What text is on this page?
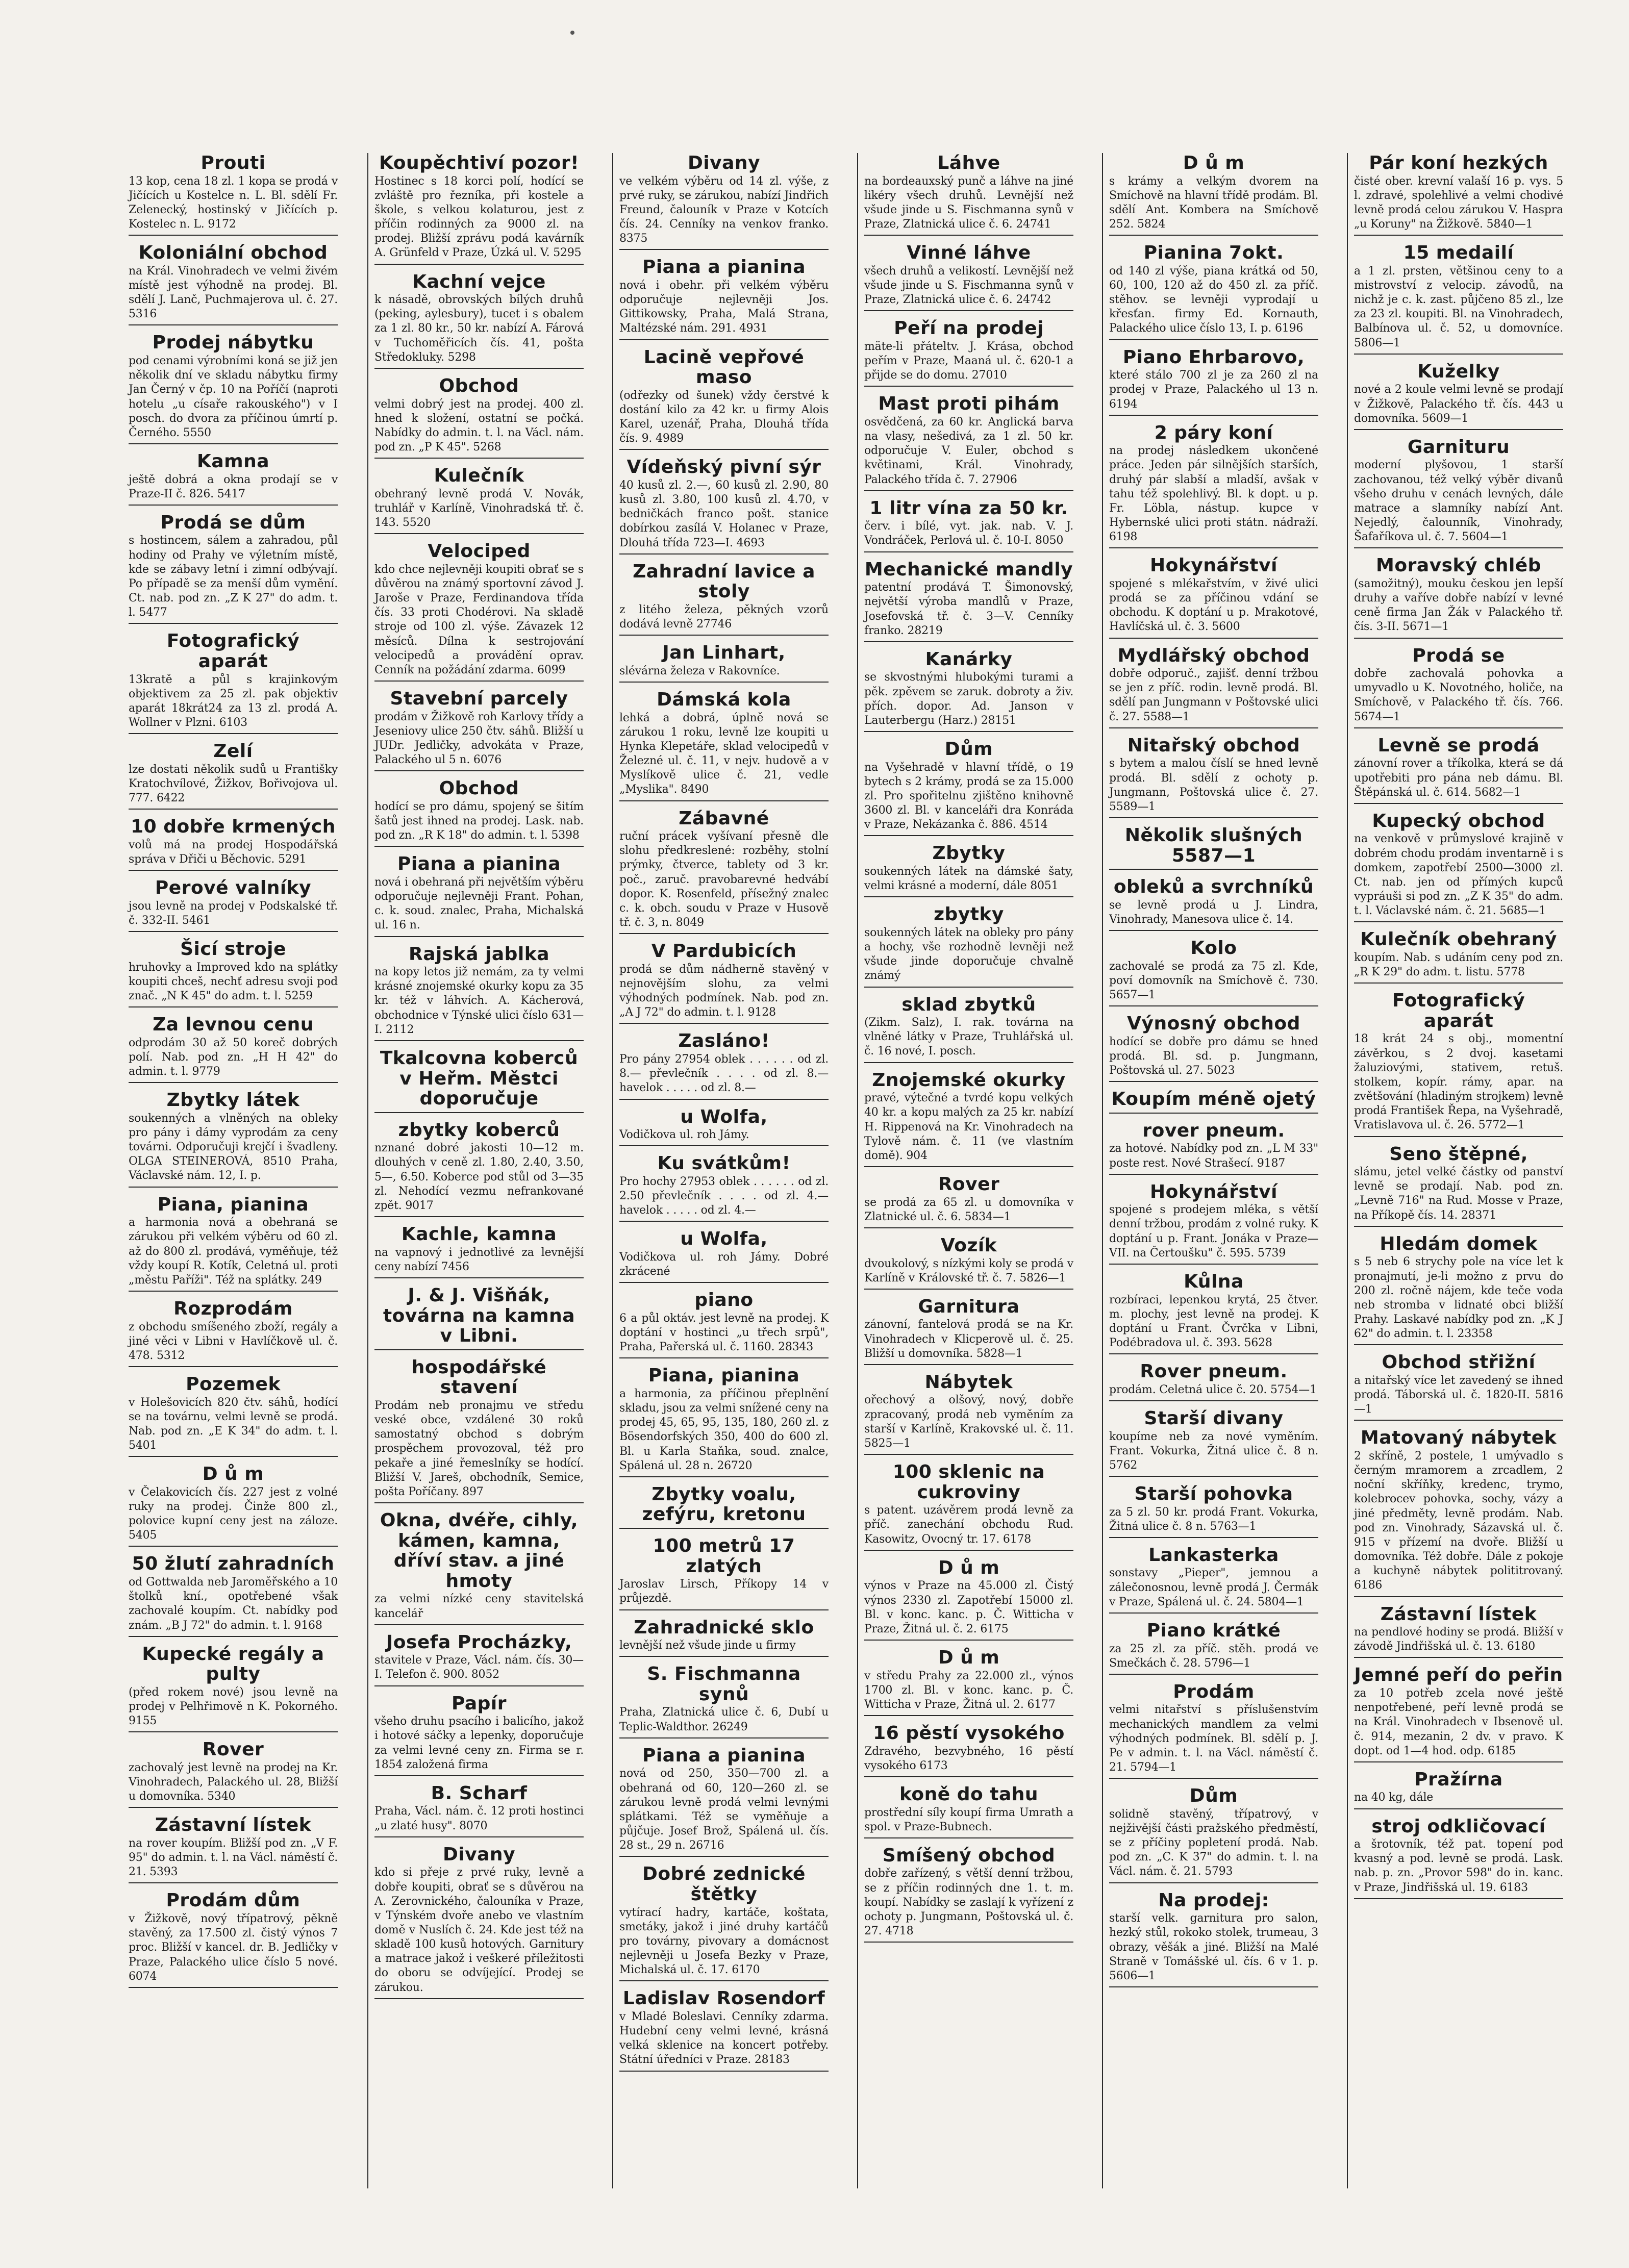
Prouti
13 kop, cena 18 zl. 1 kopa se prodá v Jičících u Kostelce n. L. Bl. sdělí Fr. Zelenecký, hostinský v Jičících p. Kostelec n. L. 9172
Koloniální obchod
na Král. Vinohradech ve velmi živém místě jest výhodně na prodej. Bl. sdělí J. Lanč, Puchmajerova ul. č. 27. 5316
Prodej nábytku
pod cenami výrobními koná se již jen několik dní ve skladu nábytku firmy Jan Černý v čp. 10 na Poříčí (naproti hotelu „u císaře rakouského") v I posch. do dvora za příčinou úmrtí p. Černého. 5550
Kamna
ještě dobrá a okna prodají se v Praze-II č. 826. 5417
Prodá se dům
s hostincem, sálem a zahradou, půl hodiny od Prahy ve výletním místě, kde se zábavy letní i zimní odbývají. Po případě se za menší dům vymění. Ct. nab. pod zn. „Z K 27" do adm. t. l. 5477
Fotografický aparát
13kratě a půl s krajinkovým objektivem za 25 zl. pak objektiv aparát 18krát24 za 13 zl. prodá A. Wollner v Plzni. 6103
Zelí
lze dostati několik sudů u Františky Kratochvílové, Žižkov, Bořivojova ul. 777. 6422
10 dobře krmených
volů má na prodej Hospodářská správa v Dřiči u Běchovic. 5291
Perové valníky
jsou levně na prodej v Podskalské tř. č. 332-II. 5461
Šicí stroje
hruhovky a Improved kdo na splátky koupiti chceš, nechť adresu svoji pod znač. „N K 45" do adm. t. l. 5259
Za levnou cenu
odprodám 30 až 50 koreč dobrých polí. Nab. pod zn. „H H 42" do admin. t. l. 9779
Zbytky látek
soukenných a vlněných na obleky pro pány i dámy vyprodám za ceny továrni. Odporučuji krejčí i švadleny. OLGA STEINEROVÁ, 8510 Praha, Václavské nám. 12, I. p.
Piana, pianina
a harmonia nová a obehraná se zárukou při velkém výběru od 60 zl. až do 800 zl. prodává, vyměňuje, též vždy koupí R. Kotík, Celetná ul. proti „městu Paříži". Též na splátky. 249
Rozprodám
z obchodu smíšeného zboží, regály a jiné věci v Libni v Havlíčkově ul. č. 478. 5312
Pozemek
v Holešovicích 820 čtv. sáhů, hodící se na továrnu, velmi levně se prodá. Nab. pod zn. „E K 34" do adm. t. l. 5401
D ů m
v Čelakovicích čís. 227 jest z volné ruky na prodej. Činže 800 zl., polovice kupní ceny jest na záloze. 5405
50 žlutí zahradních
od Gottwalda neb Jaroměřského a 10 štolků kní., opotřebené však zachovalé koupím. Ct. nabídky pod znám. „B J 72" do admin. t. l. 9168
Kupecké regály a pulty
(před rokem nové) jsou levně na prodej v Pelhřimově n K. Pokorného. 9155
Rover
zachovalý jest levně na prodej na Kr. Vinohradech, Palackého ul. 28, Bližší u domovníka. 5340
Zástavní lístek
na rover koupím. Bližší pod zn. „V F. 95" do admin. t. l. na Václ. náměstí č. 21. 5393
Prodám dům
v Žižkově, nový třípatrový, pěkně stavěný, za 17.500 zl. čistý výnos 7 proc. Bližší v kancel. dr. B. Jedličky v Praze, Palackého ulice číslo 5 nové. 6074
Koupěchtiví pozor!
Hostinec s 18 korci polí, hodící se zvláště pro řezníka, při kostele a škole, s velkou kolaturou, jest z příčin rodinných za 9000 zl. na prodej. Bližší zprávu podá kavárník A. Grünfeld v Praze, Úzká ul. V. 5295
Kachní vejce
k násadě, obrovských bílých druhů (peking, aylesbury), tucet i s obalem za 1 zl. 80 kr., 50 kr. nabízí A. Fárová v Tuchoměřicích čís. 41, pošta Středokluky. 5298
Obchod
velmi dobrý jest na prodej. 400 zl. hned k složení, ostatní se počká. Nabídky do admin. t. l. na Václ. nám. pod zn. „P K 45". 5268
Kulečník
obehraný levně prodá V. Novák, truhlář v Karlíně, Vinohradská tř. č. 143. 5520
Velociped
kdo chce nejlevněji koupiti obrať se s důvěrou na známý sportovní závod J. Jaroše v Praze, Ferdinandova třída čís. 33 proti Chodérovi. Na skladě stroje od 100 zl. výše. Závazek 12 měsíců. Dílna k sestrojování velocipedů a provádění oprav. Cenník na požádání zdarma. 6099
Stavební parcely
prodám v Žižkově roh Karlovy třídy a Jeseniovy ulice 250 čtv. sáhů. Bližší u JUDr. Jedličky, advokáta v Praze, Palackého ul 5 n. 6076
Obchod
hodící se pro dámu, spojený se šitím šatů jest ihned na prodej. Lask. nab. pod zn. „R K 18" do admin. t. l. 5398
Piana a pianina
nová i obehraná při největším výběru odporučuje nejlevněji Frant. Pohan, c. k. soud. znalec, Praha, Michalská ul. 16 n.
Rajská jablka
na kopy letos již nemám, za ty velmi krásné znojemské okurky kopu za 35 kr. též v láhvích. A. Kácherová, obchodnice v Týnské ulici číslo 631—I. 2112
Tkalcovna koberců v Heřm. Městci doporučuje
zbytky koberců
nznané dobré jakosti 10—12 m. dlouhých v ceně zl. 1.80, 2.40, 3.50, 5—, 6.50. Koberce pod stůl od 3—35 zl. Nehodící vezmu nefrankované zpět. 9017
Kachle, kamna
na vapnový i jednotlivé za levnější ceny nabízí 7456
J. & J. Višňák, továrna na kamna v Libni.
hospodářské stavení
Prodám neb pronajmu ve středu veské obce, vzdálené 30 roků samostatný obchod s dobrým prospěchem provozoval, též pro pekaře a jiné řemeslníky se hodící. Bližší V. Jareš, obchodník, Semice, pošta Poříčany. 897
Okna, dvéře, cihly, kámen, kamna, dříví stav. a jiné hmoty
za velmi nízké ceny stavitelská kancelář
Josefa Procházky,
stavitele v Praze, Václ. nám. čís. 30—I. Telefon č. 900. 8052
Papír
všeho druhu psacího i balicího, jakož i hotové sáčky a lepenky, doporučuje za velmi levné ceny zn. Firma se r. 1854 založená firma
B. Scharf
Praha, Václ. nám. č. 12 proti hostinci „u zlaté husy". 8070
Divany
kdo si přeje z prvé ruky, levně a dobře koupiti, obrať se s důvěrou na A. Zerovnického, čalouníka v Praze, v Týnském dvoře anebo ve vlastním domě v Nuslích č. 24. Kde jest též na skladě 100 kusů hotových. Garnitury a matrace jakož i veškeré příležitosti do oboru se odvíjející. Prodej se zárukou.
Divany
ve velkém výběru od 14 zl. výše, z prvé ruky, se zárukou, nabízí Jindřich Freund, čalouník v Praze v Kotcích čís. 24. Cenníky na venkov franko. 8375
Piana a pianina
nová i obehr. při velkém výběru odporučuje nejlevněji Jos. Gittikowsky, Praha, Malá Strana, Maltézské nám. 291. 4931
Lacině vepřové maso
(odřezky od šunek) vždy čerstvé k dostání kilo za 42 kr. u firmy Alois Karel, uzenář, Praha, Dlouhá třída čís. 9. 4989
Vídeňský pivní sýr
40 kusů zl. 2.—, 60 kusů zl. 2.90, 80 kusů zl. 3.80, 100 kusů zl. 4.70, v bedničkách franco pošt. stanice dobírkou zasílá V. Holanec v Praze, Dlouhá třída 723—I. 4693
Zahradní lavice a stoly
z litého železa, pěkných vzorů dodává levně 27746
Jan Linhart,
slévárna železa v Rakovníce.
Dámská kola
lehká a dobrá, úplně nová se zárukou 1 roku, levně lze koupiti u Hynka Klepetáře, sklad velocipedů v Železné ul. č. 11, v nejv. hudově a v Myslíkově ulice č. 21, vedle „Myslika". 8490
Zábavné
ruční prácek vyšívaní přesně dle slohu předkreslené: rozběhy, stolní prýmky, čtverce, tablety od 3 kr. poč., zaruč. pravobarevné hedvábí dopor. K. Rosenfeld, přísežný znalec c. k. obch. soudu v Praze v Husově tř. č. 3, n. 8049
V Pardubicích
prodá se dům nádherně stavěný v nejnovějším slohu, za velmi výhodných podmínek. Nab. pod zn. „A J 72" do admin. t. l. 9128
Zasláno!
Pro pány 27954 oblek . . . . . . od zl. 8.— převlečník . . . . od zl. 8.— havelok . . . . . od zl. 8.—
u Wolfa,
Vodičkova ul. roh Jámy.
Ku svátkům!
Pro hochy 27953 oblek . . . . . . od zl. 2.50 převlečník . . . . od zl. 4.— havelok . . . . . od zl. 4.—
u Wolfa,
Vodičkova ul. roh Jámy. Dobré zkrácené
piano
6 a půl oktáv. jest levně na prodej. K doptání v hostinci „u třech srpů", Praha, Pařerská ul. č. 1160. 28343
Piana, pianina
a harmonia, za příčinou přeplnění skladu, jsou za velmi snížené ceny na prodej 45, 65, 95, 135, 180, 260 zl. z Bösendorfských 350, 400 do 600 zl. Bl. u Karla Staňka, soud. znalce, Spálená ul. 28 n. 26720
Zbytky voalu, zefýru, kretonu
100 metrů 17 zlatých
Jaroslav Lirsch, Příkopy 14 v průjezdě.
Zahradnické sklo
levnější než všude jinde u firmy
S. Fischmanna synů
Praha, Zlatnická ulice č. 6, Dubí u Teplic-Waldthor. 26249
Piana a pianina
nová od 250, 350—700 zl. a obehraná od 60, 120—260 zl. se zárukou levně prodá velmi levnými splátkami. Též se vyměňuje a půjčuje. Josef Brož, Spálená ul. čís. 28 st., 29 n. 26716
Dobré zednické štětky
vytírací hadry, kartáče, koštata, smetáky, jakož i jiné druhy kartáčů pro továrny, pivovary a domácnost nejlevněji u Josefa Bezky v Praze, Michalská ul. č. 17. 6170
Ladislav Rosendorf
v Mladé Boleslavi. Cenníky zdarma. Hudební ceny velmi levné, krásná velká sklenice na koncert potřeby. Státní úředníci v Praze. 28183
Láhve
na bordeauxský punč a láhve na jiné likéry všech druhů. Levnější než všude jinde u S. Fischmanna synů v Praze, Zlatnická ulice č. 6. 24741
Vinné láhve
všech druhů a velikostí. Levnější než všude jinde u S. Fischmanna synů v Praze, Zlatnická ulice č. 6. 24742
Peří na prodej
mäte-li přáteltv. J. Krása, obchod peřím v Praze, Maaná ul. č. 620-1 a přijde se do domu. 27010
Mast proti pihám
osvědčená, za 60 kr. Anglická barva na vlasy, nešedivá, za 1 zl. 50 kr. odporučuje V. Euler, obchod s květinami, Král. Vinohrady, Palackého třída č. 7. 27906
1 litr vína za 50 kr.
červ. i bílé, vyt. jak. nab. V. J. Vondráček, Perlová ul. č. 10-I. 8050
Mechanické mandly
patentní prodává T. Šimonovský, největší výroba mandlů v Praze, Josefovská tř. č. 3—V. Cenníky franko. 28219
Kanárky
se skvostnými hlubokými turami a pěk. zpěvem se zaruk. dobroty a živ. přích. dopor. Ad. Janson v Lauterbergu (Harz.) 28151
Dům
na Vyšehradě v hlavní třídě, o 19 bytech s 2 krámy, prodá se za 15.000 zl. Pro spořitelnu zjištěno knihovně 3600 zl. Bl. v kanceláři dra Konráda v Praze, Nekázanka č. 886. 4514
Zbytky
soukenných látek na dámské šaty, velmi krásné a moderní, dále 8051
zbytky
soukenných látek na obleky pro pány a hochy, vše rozhodně levněji než všude jinde doporučuje chvalně známý
sklad zbytků
(Zikm. Salz), I. rak. továrna na vlněné látky v Praze, Truhlářská ul. č. 16 nové, I. posch.
Znojemské okurky
pravé, výtečné a tvrdé kopu velkých 40 kr. a kopu malých za 25 kr. nabízí H. Rippenová na Kr. Vinohradech na Tylově nám. č. 11 (ve vlastním domě). 904
Rover
se prodá za 65 zl. u domovníka v Zlatnické ul. č. 6. 5834—1
Vozík
dvoukolový, s nízkými koly se prodá v Karlíně v Královské tř. č. 7. 5826—1
Garnitura
zánovní, fantelová prodá se na Kr. Vinohradech v Klicperově ul. č. 25. Bližší u domovníka. 5828—1
Nábytek
ořechový a olšový, nový, dobře zpracovaný, prodá neb vyměním za starší v Karlíně, Krakovské ul. č. 11. 5825—1
100 sklenic na cukroviny
s patent. uzávěrem prodá levně za příč. zanechání obchodu Rud. Kasowitz, Ovocný tr. 17. 6178
D ů m
výnos v Praze na 45.000 zl. Čistý výnos 2330 zl. Zapotřebí 15000 zl. Bl. v konc. kanc. p. Č. Wittichа v Praze, Žitná ul. č. 2. 6175
D ů m
v středu Prahy za 22.000 zl., výnos 1700 zl. Bl. v konc. kanc. p. Č. Wittichа v Praze, Žitná ul. 2. 6177
16 pěstí vysokého
Zdravého, bezvybného, 16 pěstí vysokého 6173
koně do tahu
prostřední síly koupí firma Umrath a spol. v Praze-Bubnech.
Smíšený obchod
dobře zařízený, s větší denní tržbou, se z příčin rodinných dne 1. t. m. koupí. Nabídky se zaslají k vyřízení z ochoty p. Jungmann, Poštovská ul. č. 27. 4718
D ů m
s krámy a velkým dvorem na Smíchově na hlavní třídě prodám. Bl. sdělí Ant. Kombera na Smíchově 252. 5824
Pianina 7okt.
od 140 zl výše, piana krátká od 50, 60, 100, 120 až do 450 zl. za příč. stěhov. se levněji vyprodají u křesťan. firmy Ed. Kornauth, Palackého ulice číslo 13, I. p. 6196
Piano Ehrbarovo,
které stálo 700 zl je za 260 zl na prodej v Praze, Palackého ul 13 n. 6194
2 páry koní
na prodej následkem ukončené práce. Jeden pár silnějších starších, druhý pár slabší a mladší, avšak v tahu též spolehlivý. Bl. k dopt. u p. Fr. Löbla, nástup. kupce v Hybernské ulici proti státn. nádraží. 6198
Hokynářství
spojené s mlékařstvím, v živé ulici prodá se za příčinou vdání se obchodu. K doptání u p. Mrakotové, Havlíčská ul. č. 3. 5600
Mydlářský obchod
dobře odporuč., zajišť. denní tržbou se jen z příč. rodin. levně prodá. Bl. sdělí pan Jungmann v Poštovské ulici č. 27. 5588—1
Nitařský obchod
s bytem a malou číslí se hned levně prodá. Bl. sdělí z ochoty p. Jungmann, Poštovská ulice č. 27. 5589—1
Několik slušných 5587—1
obleků a svrchníků
se levně prodá u J. Lindra, Vinohrady, Manesova ulice č. 14.
Kolo
zachovalé se prodá za 75 zl. Kde, poví domovník na Smíchově č. 730. 5657—1
Výnosný obchod
hodící se dobře pro dámu se hned prodá. Bl. sd. p. Jungmann, Poštovská ul. 27. 5023
Koupím méně ojetý
rover pneum.
za hotové. Nabídky pod zn. „L M 33" poste rest. Nové Strašecí. 9187
Hokynářství
spojené s prodejem mléka, s větší denní tržbou, prodám z volné ruky. K doptání u p. Frant. Jonáka v Praze—VII. na Čertoušku" č. 595. 5739
Kůlna
rozbíraci, lepenkou krytá, 25 čtver. m. plochy, jest levně na prodej. K doptání u Frant. Čvrčka v Libni, Podébradova ul. č. 393. 5628
Rover pneum.
prodám. Celetná ulice č. 20. 5754—1
Starší divany
koupíme neb za nové vyměním. Frant. Vokurka, Žitná ulice č. 8 n. 5762
Starší pohovka
za 5 zl. 50 kr. prodá Frant. Vokurka, Žitná ulice č. 8 n. 5763—1
Lankasterka
sonstavy „Pieper", jemnou a zálečonosnou, levně prodá J. Čermák v Praze, Spálená ul. č. 24. 5804—1
Piano krátké
za 25 zl. za příč. stěh. prodá ve Smečkách č. 28. 5796—1
Prodám
velmi nitařství s příslušenstvím mechanických mandlem za velmi výhodných podmínek. Bl. sdělí p. J. Pe v admin. t. l. na Václ. náměstí č. 21. 5794—1
Dům
solidně stavěný, třípatrový, v nejživější části pražského předměstí, se z příčiny popletení prodá. Nab. pod zn. „C. K 37" do admin. t. l. na Václ. nám. č. 21. 5793
Na prodej:
starší velk. garnitura pro salon, hezký stůl, rokoko stolek, trumeau, 3 obrazy, věšák a jiné. Bližší na Malé Straně v Tomášské ul. čís. 6 v 1. p. 5606—1
Pár koní hezkých
čisté ober. krevní valaší 16 p. vys. 5 l. zdravé, spolehlivé a velmi chodivé levně prodá celou zárukou V. Haspra „u Koruny" na Žižkově. 5840—1
15 medailí
a 1 zl. prsten, většinou ceny to a mistrovství z velocip. závodů, na nichž je c. k. zast. půjčeno 85 zl., lze za 23 zl. koupiti. Bl. na Vinohradech, Balbínova ul. č. 52, u domovníce. 5806—1
Kuželky
nové a 2 koule velmi levně se prodají v Žižkově, Palackého tř. čís. 443 u domovníka. 5609—1
Garnituru
moderní plyšovou, 1 starší zachovanou, též velký výběr divanů všeho druhu v cenách levných, dále matrace a slamníky nabízí Ant. Nejedlý, čalounník, Vinohrady, Šafaříkova ul. č. 7. 5604—1
Moravský chléb
(samožitný), mouku českou jen lepší druhy a vaříve dobře nabízí v levné ceně firma Jan Žák v Palackého tř. čís. 3-II. 5671—1
Prodá se
dobře zachovalá pohovka a umyvadlo u K. Novotného, holiče, na Smíchově, v Palackého tř. čís. 766. 5674—1
Levně se prodá
zánovní rover a tříkolka, která se dá upotřebiti pro pána neb dámu. Bl. Štěpánská ul. č. 614. 5682—1
Kupecký obchod
na venkově v průmyslové krajině v dobrém chodu prodám inventarně i s domkem, zapotřebí 2500—3000 zl. Ct. nab. jen od přímých kupců vypráuši si pod zn. „Z K 35" do adm. t. l. Václavské nám. č. 21. 5685—1
Kulečník obehraný
koupím. Nab. s udáním ceny pod zn. „R K 29" do adm. t. listu. 5778
Fotografický aparát
18 krát 24 s obj., momentní závěrkou, s 2 dvoj. kasetami žaluziovými, stativem, retuš. stolkem, kopír. rámy, apar. na zvětšování (hladiným strojkem) levně prodá František Řepa, na Vyšehradě, Vratislavova ul. č. 26. 5772—1
Seno štěpné,
slámu, jetel velké částky od panství levně se prodají. Nab. pod zn. „Levně 716" na Rud. Mosse v Praze, na Příkopě čís. 14. 28371
Hledám domek
s 5 neb 6 strychy pole na více let k pronajmutí, je-li možno z prvu do 200 zl. ročně nájem, kde teče voda neb stromba v lidnaté obci bližší Prahy. Laskavé nabídky pod zn. „K J 62" do admin. t. l. 23358
Obchod střižní
a nitařský více let zavedený se ihned prodá. Táborská ul. č. 1820-II. 5816—1
Matovaný nábytek
2 skříně, 2 postele, 1 umývadlo s černým mramorem a zrcadlem, 2 noční skříňky, kredenc, trymo, kolebrocev pohovka, sochy, vázy a jiné předměty, levně prodám. Nab. pod zn. Vinohrady, Sázavská ul. č. 915 v přízemí na dvoře. Bližší u domovníka. Též dobře. Dále z pokoje a kuchyně nábytek polititrovaný. 6186
Zástavní lístek
na pendlové hodiny se prodá. Bližší v závodě Jindřišská ul. č. 13. 6180
Jemné peří do peřin
za 10 potřeb zcela nové ještě nenpotřebené, peří levně prodá se na Král. Vinohradech v Ibsenově ul. č. 914, mezanin, 2 dv. v pravo. K dopt. od 1—4 hod. odp. 6185
Pražírna
na 40 kg, dále
stroj odkličovací
a šrotovník, též pat. topení pod kvasný a pod. levně se prodá. Lask. nab. p. zn. „Provor 598" do in. kanc. v Praze, Jindřišská ul. 19. 6183
